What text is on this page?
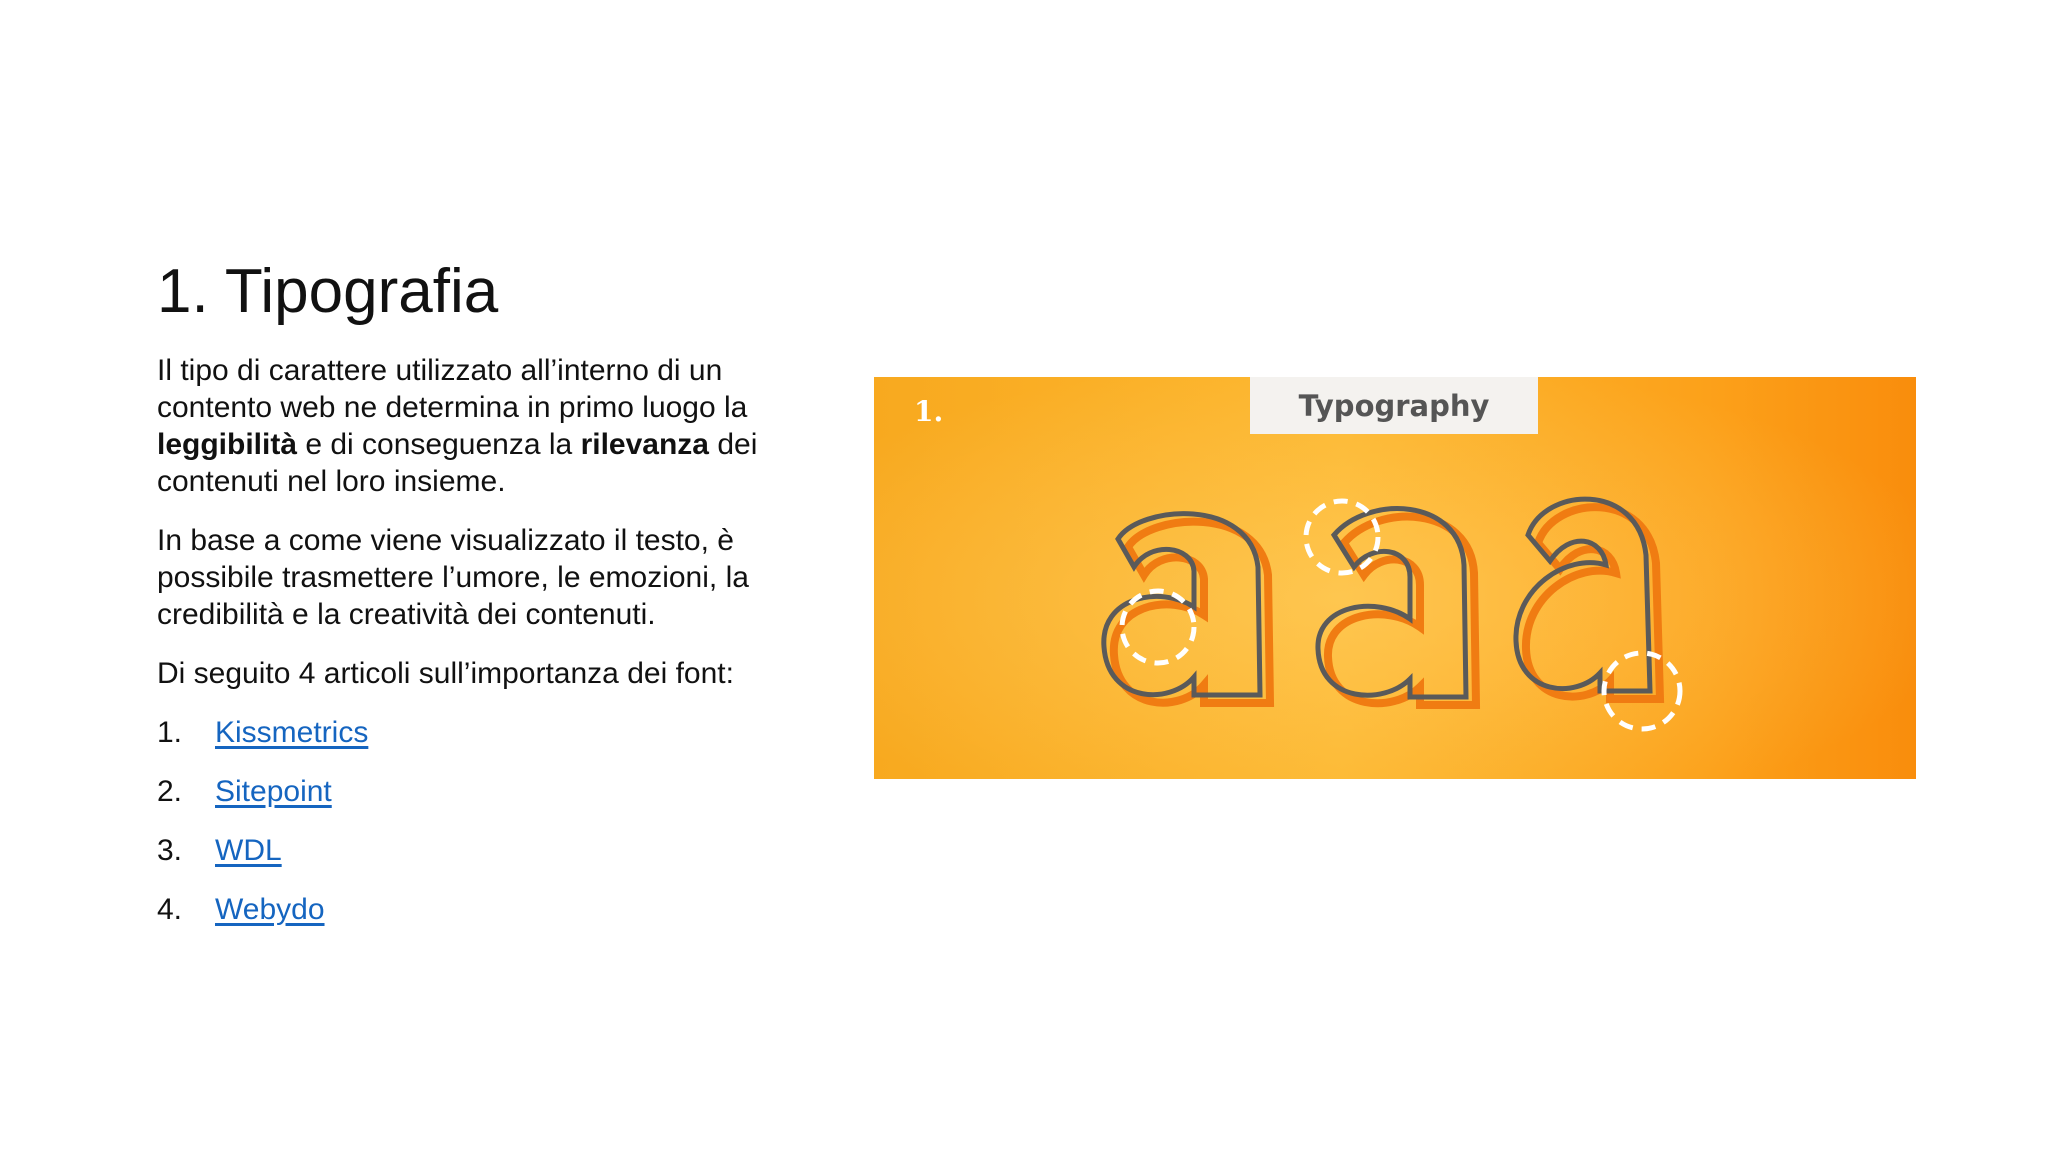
1. Tipografia

Il tipo di carattere utilizzato all’interno di un contento web ne determina in primo luogo la leggibilità e di conseguenza la rilevanza dei contenuti nel loro insieme.

In base a come viene visualizzato il testo, è possibile trasmettere l’umore, le emozioni, la credibilità e la creatività dei contenuti.

Di seguito 4 articoli sull’importanza dei font:

1.	Kissmetrics
2.	Sitepoint
3.	WDL
4.	Webydo
1.	Typography
